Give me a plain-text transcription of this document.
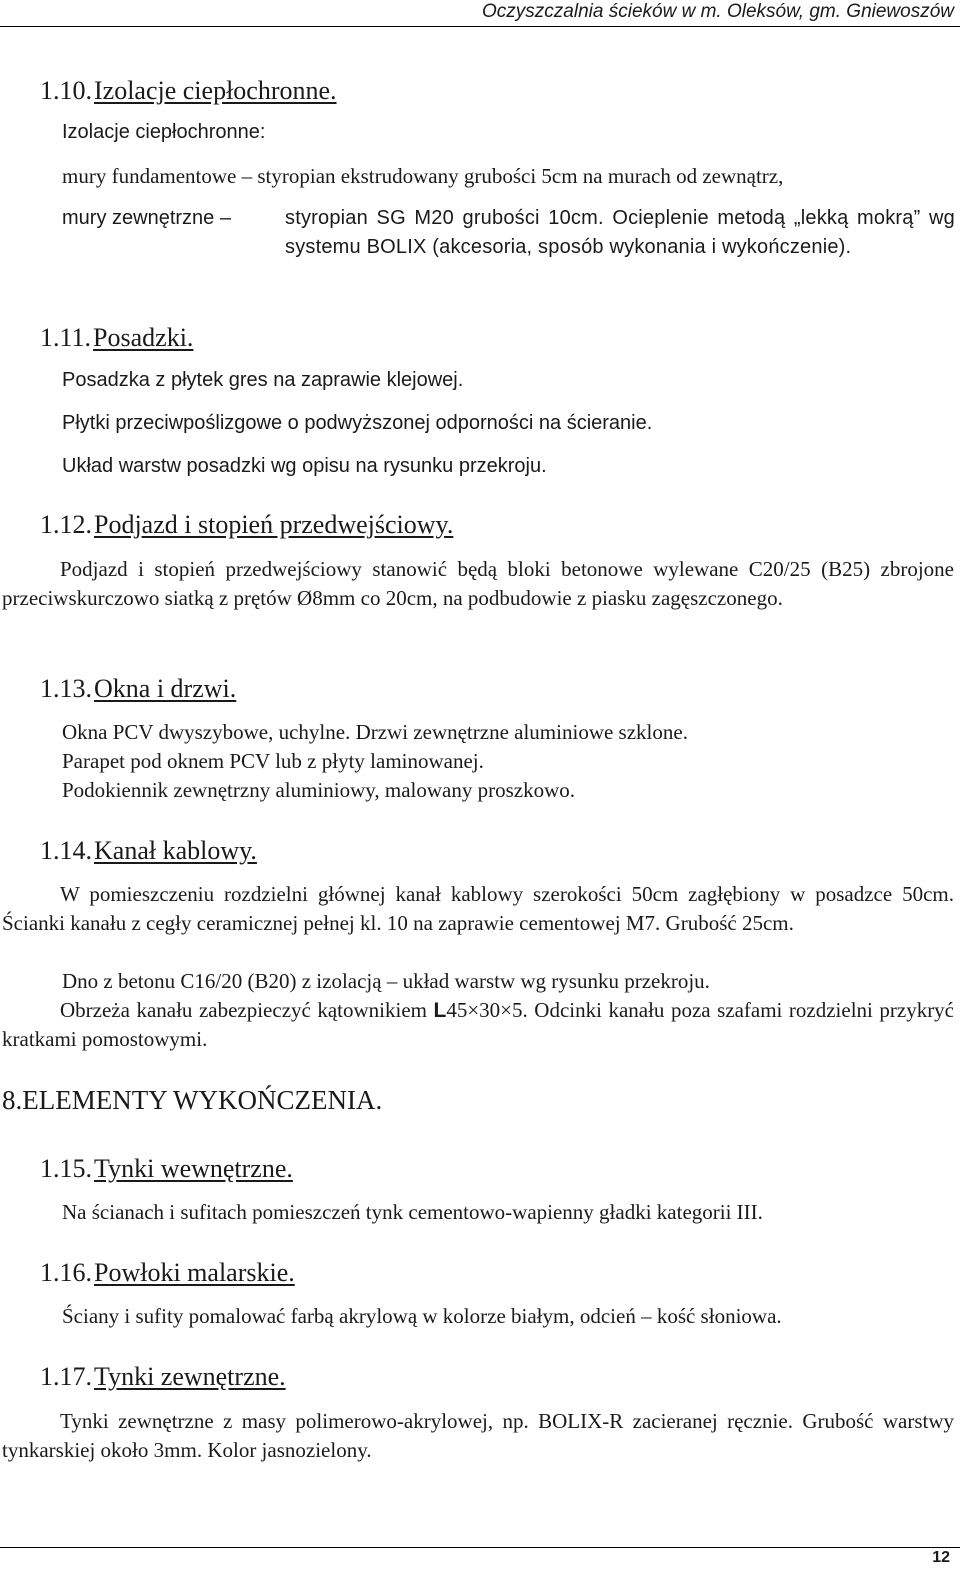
Oczyszczalnia ścieków w m. Oleksów, gm. Gniewoszów
1.10.Izolacje ciepłochronne.
Izolacje ciepłochronne:
mury fundamentowe – styropian ekstrudowany grubości 5cm na murach od zewnątrz,
mury zewnętrzne –	styropian SG M20 grubości 10cm. Ocieplenie metodą „lekką mokrą” wg systemu BOLIX (akcesoria, sposób wykonania i wykończenie).
1.11.Posadzki.
Posadzka z płytek gres na zaprawie klejowej.
Płytki przeciwpoślizgowe o podwyższonej odporności na ścieranie.
Układ warstw posadzki wg opisu na rysunku przekroju.
1.12.Podjazd i stopień przedwejściowy.
Podjazd i stopień przedwejściowy stanowić będą bloki betonowe wylewane C20/25 (B25) zbrojone przeciwskurczowo siatką z prętów Ø8mm co 20cm, na podbudowie z piasku zagęszczonego.
1.13.Okna i drzwi.
Okna PCV dwyszybowe, uchylne. Drzwi zewnętrzne aluminiowe szklone.
Parapet pod oknem PCV lub z płyty laminowanej.
Podokiennik zewnętrzny aluminiowy, malowany proszkowo.
1.14.Kanał kablowy.
W pomieszczeniu rozdzielni głównej kanał kablowy szerokości 50cm zagłębiony w posadzce 50cm. Ścianki kanału z cegły ceramicznej pełnej kl. 10 na zaprawie cementowej M7. Grubość 25cm.
Dno z betonu C16/20 (B20) z izolacją – układ warstw wg rysunku przekroju.
Obrzeża kanału zabezpieczyć kątownikiem L45×30×5. Odcinki kanału poza szafami rozdzielni przykryć kratkami pomostowymi.
8.ELEMENTY WYKOŃCZENIA.
1.15.Tynki wewnętrzne.
Na ścianach i sufitach pomieszczeń tynk cementowo-wapienny gładki kategorii III.
1.16.Powłoki malarskie.
Ściany i sufity pomalować farbą akrylową w kolorze białym, odcień – kość słoniowa.
1.17.Tynki zewnętrzne.
Tynki zewnętrzne z masy polimerowo-akrylowej, np. BOLIX-R zacieranej ręcznie. Grubość warstwy tynkarskiej około 3mm. Kolor jasnozielony.
12
